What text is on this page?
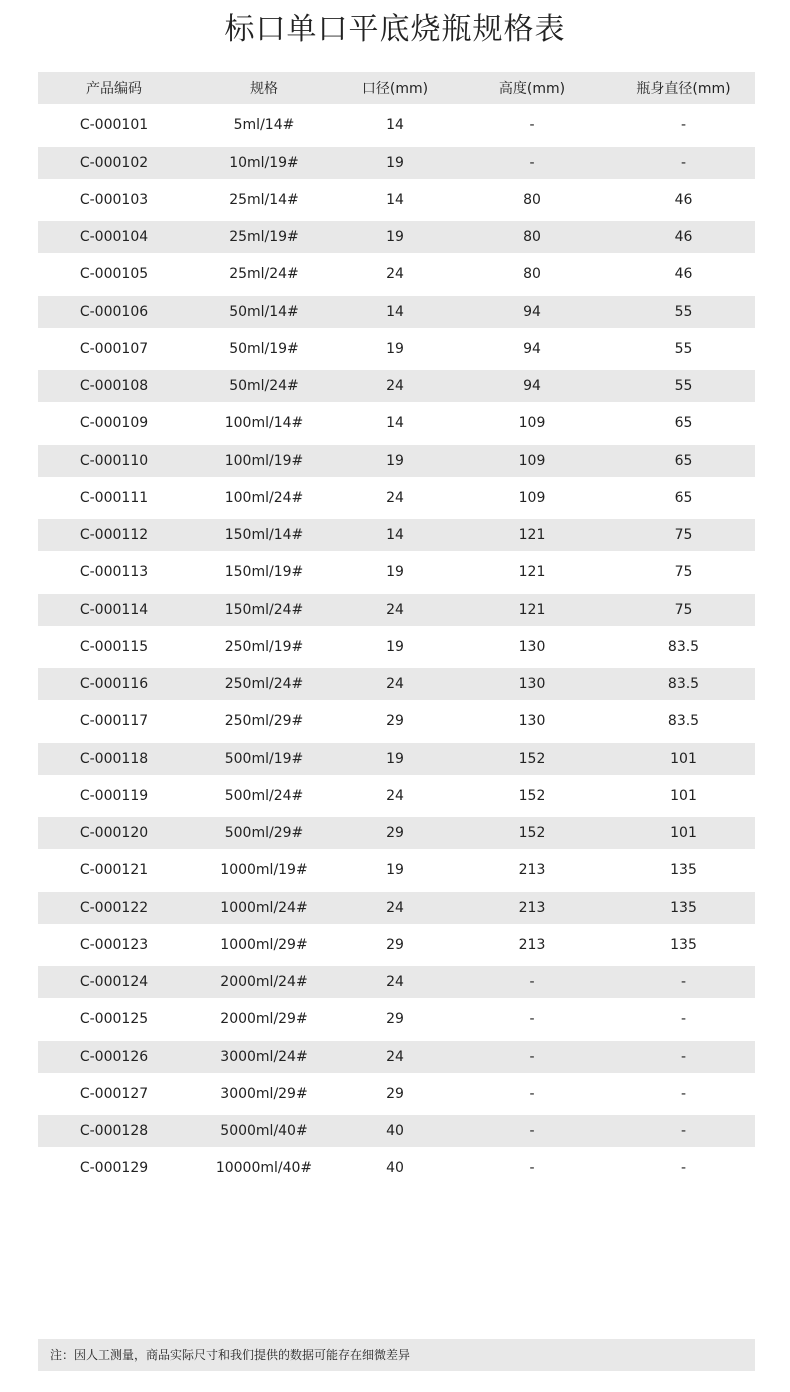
标口单口平底烧瓶规格表
产品编码	规格	口径(mm)	高度(mm)	瓶身直径(mm)
C-000101	5ml/14#	14	-	-
C-000102	10ml/19#	19	-	-
C-000103	25ml/14#	14	80	46
C-000104	25ml/19#	19	80	46
C-000105	25ml/24#	24	80	46
C-000106	50ml/14#	14	94	55
C-000107	50ml/19#	19	94	55
C-000108	50ml/24#	24	94	55
C-000109	100ml/14#	14	109	65
C-000110	100ml/19#	19	109	65
C-000111	100ml/24#	24	109	65
C-000112	150ml/14#	14	121	75
C-000113	150ml/19#	19	121	75
C-000114	150ml/24#	24	121	75
C-000115	250ml/19#	19	130	83.5
C-000116	250ml/24#	24	130	83.5
C-000117	250ml/29#	29	130	83.5
C-000118	500ml/19#	19	152	101
C-000119	500ml/24#	24	152	101
C-000120	500ml/29#	29	152	101
C-000121	1000ml/19#	19	213	135
C-000122	1000ml/24#	24	213	135
C-000123	1000ml/29#	29	213	135
C-000124	2000ml/24#	24	-	-
C-000125	2000ml/29#	29	-	-
C-000126	3000ml/24#	24	-	-
C-000127	3000ml/29#	29	-	-
C-000128	5000ml/40#	40	-	-
C-000129	10000ml/40#	40	-	-
注：因人工测量，商品实际尺寸和我们提供的数据可能存在细微差异
